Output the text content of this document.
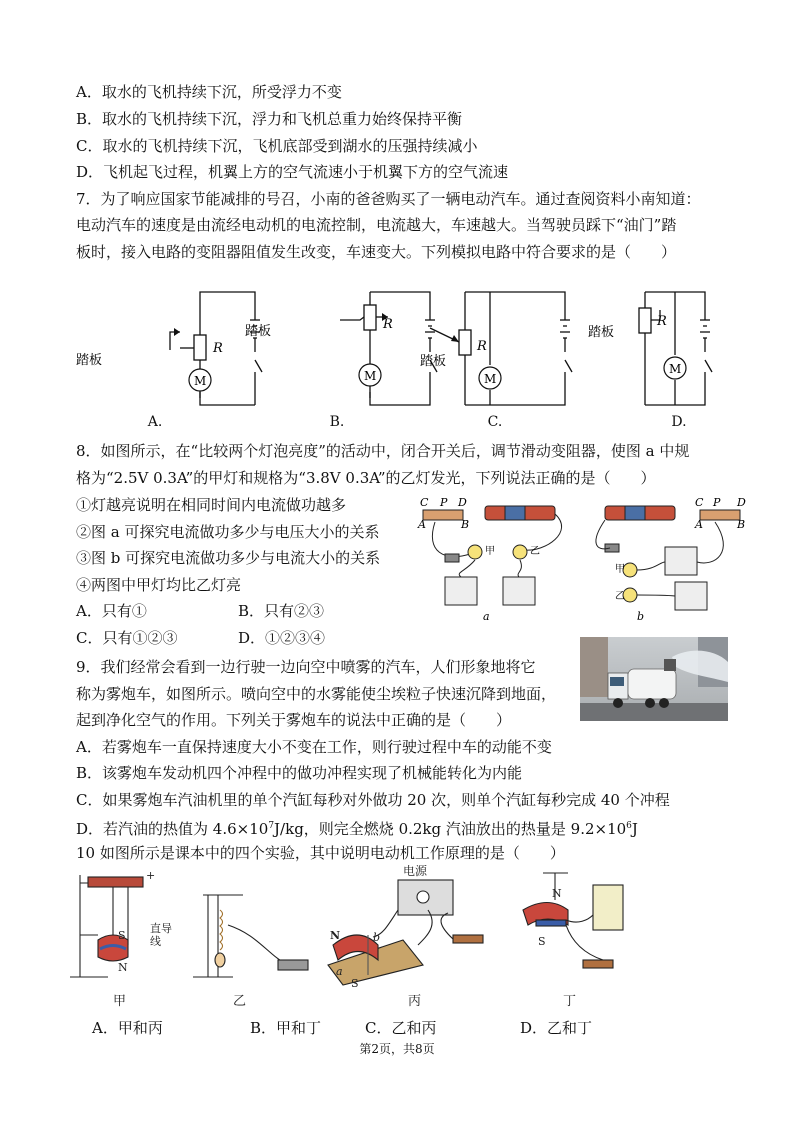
A．取水的飞机持续下沉，所受浮力不变
B．取水的飞机持续下沉，浮力和飞机总重力始终保持平衡
C．取水的飞机持续下沉，飞机底部受到湖水的压强持续减小
D．飞机起飞过程，机翼上方的空气流速小于机翼下方的空气流速
7．为了响应国家节能减排的号召，小南的爸爸购买了一辆电动汽车。通过查阅资料小南知道：
电动汽车的速度是由流经电动机的电流控制，电流越大，车速越大。当驾驶员踩下“油门”踏
板时，接入电路的变阻器阻值发生改变，车速变大。下列模拟电路中符合要求的是（　　）
M	M	M
M
R
R
R
R
踏板
踏板
踏板
踏板
A.	B.	C.	D.
8．如图所示，在“比较两个灯泡亮度”的活动中，闭合开关后，调节滑动变阻器，使图 a 中规
格为“2.5V 0.3A”的甲灯和规格为“3.8V 0.3A”的乙灯发光，下列说法正确的是（　　）
①灯越亮说明在相同时间内电流做功越多
②图 a 可探究电流做功多少与电压大小的关系
③图 b 可探究电流做功多少与电流大小的关系
④两图中甲灯均比乙灯亮
A．只有①	B．只有②③
C．只有①②③	D．①②③④
C P D
A	B
C P D
A	B
a	b
甲	乙
甲
乙
9．我们经常会看到一边行驶一边向空中喷雾的汽车，人们形象地将它
称为雾炮车，如图所示。喷向空中的水雾能使尘埃粒子快速沉降到地面，
起到净化空气的作用。下列关于雾炮车的说法中正确的是（　　）
A．若雾炮车一直保持速度大小不变在工作，则行驶过程中车的动能不变
B．该雾炮车发动机四个冲程中的做功冲程实现了机械能转化为内能
C．如果雾炮车汽油机里的单个汽缸每秒对外做功 20 次，则单个汽缸每秒完成 40 个冲程
D．若汽油的热值为 $4.6\times 10^7J/kg$，则完全燃烧 0.2kg 汽油放出的热量是 $9.2\times 10^6J$
10 如图所示是课本中的四个实验，其中说明电动机工作原理的是（　　）
+
S
N
直导
线
电源
N
S
b
a
N
S
甲	乙	丙	丁
A．甲和丙	B．甲和丁	C．乙和丙	D．乙和丁
第2页，共8页
